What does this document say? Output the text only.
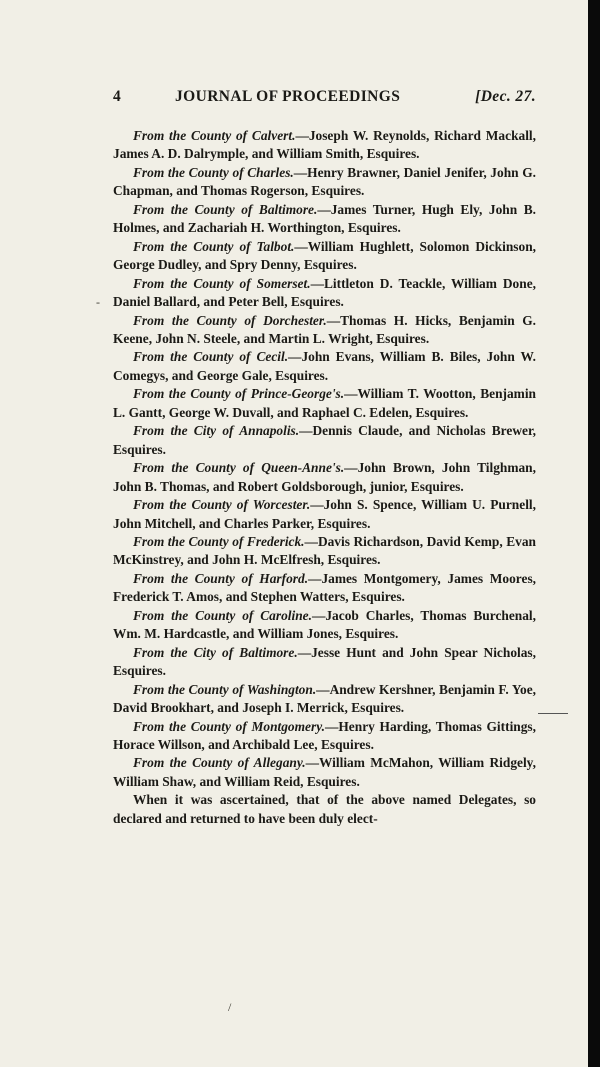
4	JOURNAL OF PROCEEDINGS	[Dec. 27.

From the County of Calvert.—Joseph W. Reynolds, Richard Mackall, James A. D. Dalrymple, and William Smith, Esquires.

From the County of Charles.—Henry Brawner, Daniel Jenifer, John G. Chapman, and Thomas Rogerson, Esquires.

From the County of Baltimore.—James Turner, Hugh Ely, John B. Holmes, and Zachariah H. Worthington, Esquires.

From the County of Talbot.—William Hughlett, Solomon Dickinson, George Dudley, and Spry Denny, Esquires.

From the County of Somerset.—Littleton D. Teackle, William Done, Daniel Ballard, and Peter Bell, Esquires.

From the County of Dorchester.—Thomas H. Hicks, Benjamin G. Keene, John N. Steele, and Martin L. Wright, Esquires.

From the County of Cecil.—John Evans, William B. Biles, John W. Comegys, and George Gale, Esquires.

From the County of Prince-George's.—William T. Wootton, Benjamin L. Gantt, George W. Duvall, and Raphael C. Edelen, Esquires.

From the City of Annapolis.—Dennis Claude, and Nicholas Brewer, Esquires.

From the County of Queen-Anne's.—John Brown, John Tilghman, John B. Thomas, and Robert Goldsborough, junior, Esquires.

From the County of Worcester.—John S. Spence, William U. Purnell, John Mitchell, and Charles Parker, Esquires.

From the County of Frederick.—Davis Richardson, David Kemp, Evan McKinstrey, and John H. McElfresh, Esquires.

From the County of Harford.—James Montgomery, James Moores, Frederick T. Amos, and Stephen Watters, Esquires.

From the County of Caroline.—Jacob Charles, Thomas Burchenal, Wm. M. Hardcastle, and William Jones, Esquires.

From the City of Baltimore.—Jesse Hunt and John Spear Nicholas, Esquires.

From the County of Washington.—Andrew Kershner, Benjamin F. Yoe, David Brookhart, and Joseph I. Merrick, Esquires.

From the County of Montgomery.—Henry Harding, Thomas Gittings, Horace Willson, and Archibald Lee, Esquires.

From the County of Allegany.—William McMahon, William Ridgely, William Shaw, and William Reid, Esquires.

When it was ascertained, that of the above named Delegates, so declared and returned to have been duly elect-

-
/
